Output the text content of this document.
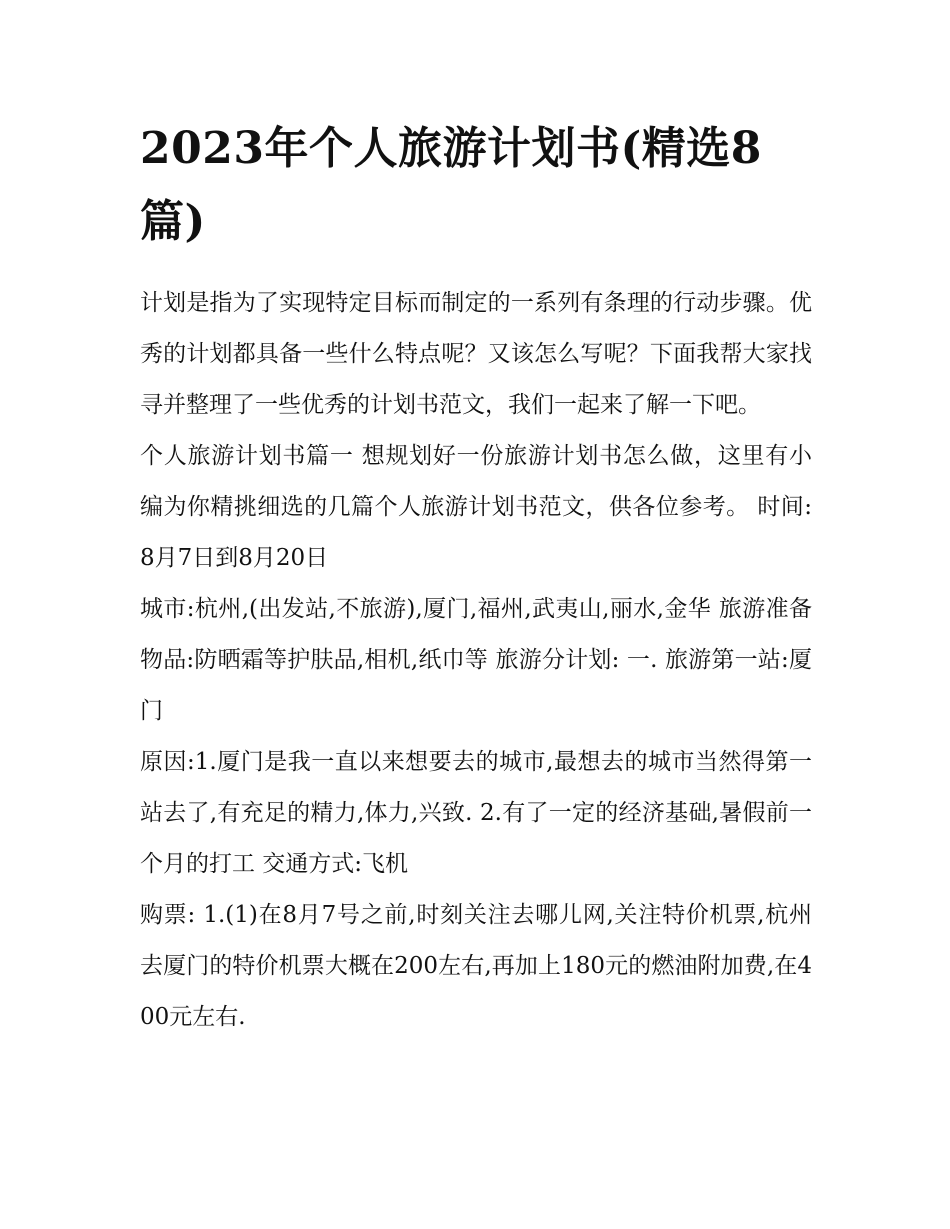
2023年个人旅游计划书(精选8篇)

计划是指为了实现特定目标而制定的一系列有条理的行动步骤。优秀的计划都具备一些什么特点呢？又该怎么写呢？下面我帮大家找寻并整理了一些优秀的计划书范文，我们一起来了解一下吧。

个人旅游计划书篇一 想规划好一份旅游计划书怎么做，这里有小编为你精挑细选的几篇个人旅游计划书范文，供各位参考。 时间:8月7日到8月20日

城市:杭州,(出发站,不旅游),厦门,福州,武夷山,丽水,金华 旅游准备物品:防晒霜等护肤品,相机,纸巾等 旅游分计划: 一. 旅游第一站:厦门

原因:1.厦门是我一直以来想要去的城市,最想去的城市当然得第一站去了,有充足的精力,体力,兴致. 2.有了一定的经济基础,暑假前一个月的打工 交通方式:飞机

购票: 1.(1)在8月7号之前,时刻关注去哪儿网,关注特价机票,杭州去厦门的特价机票大概在200左右,再加上180元的燃油附加费,在400元左右.
